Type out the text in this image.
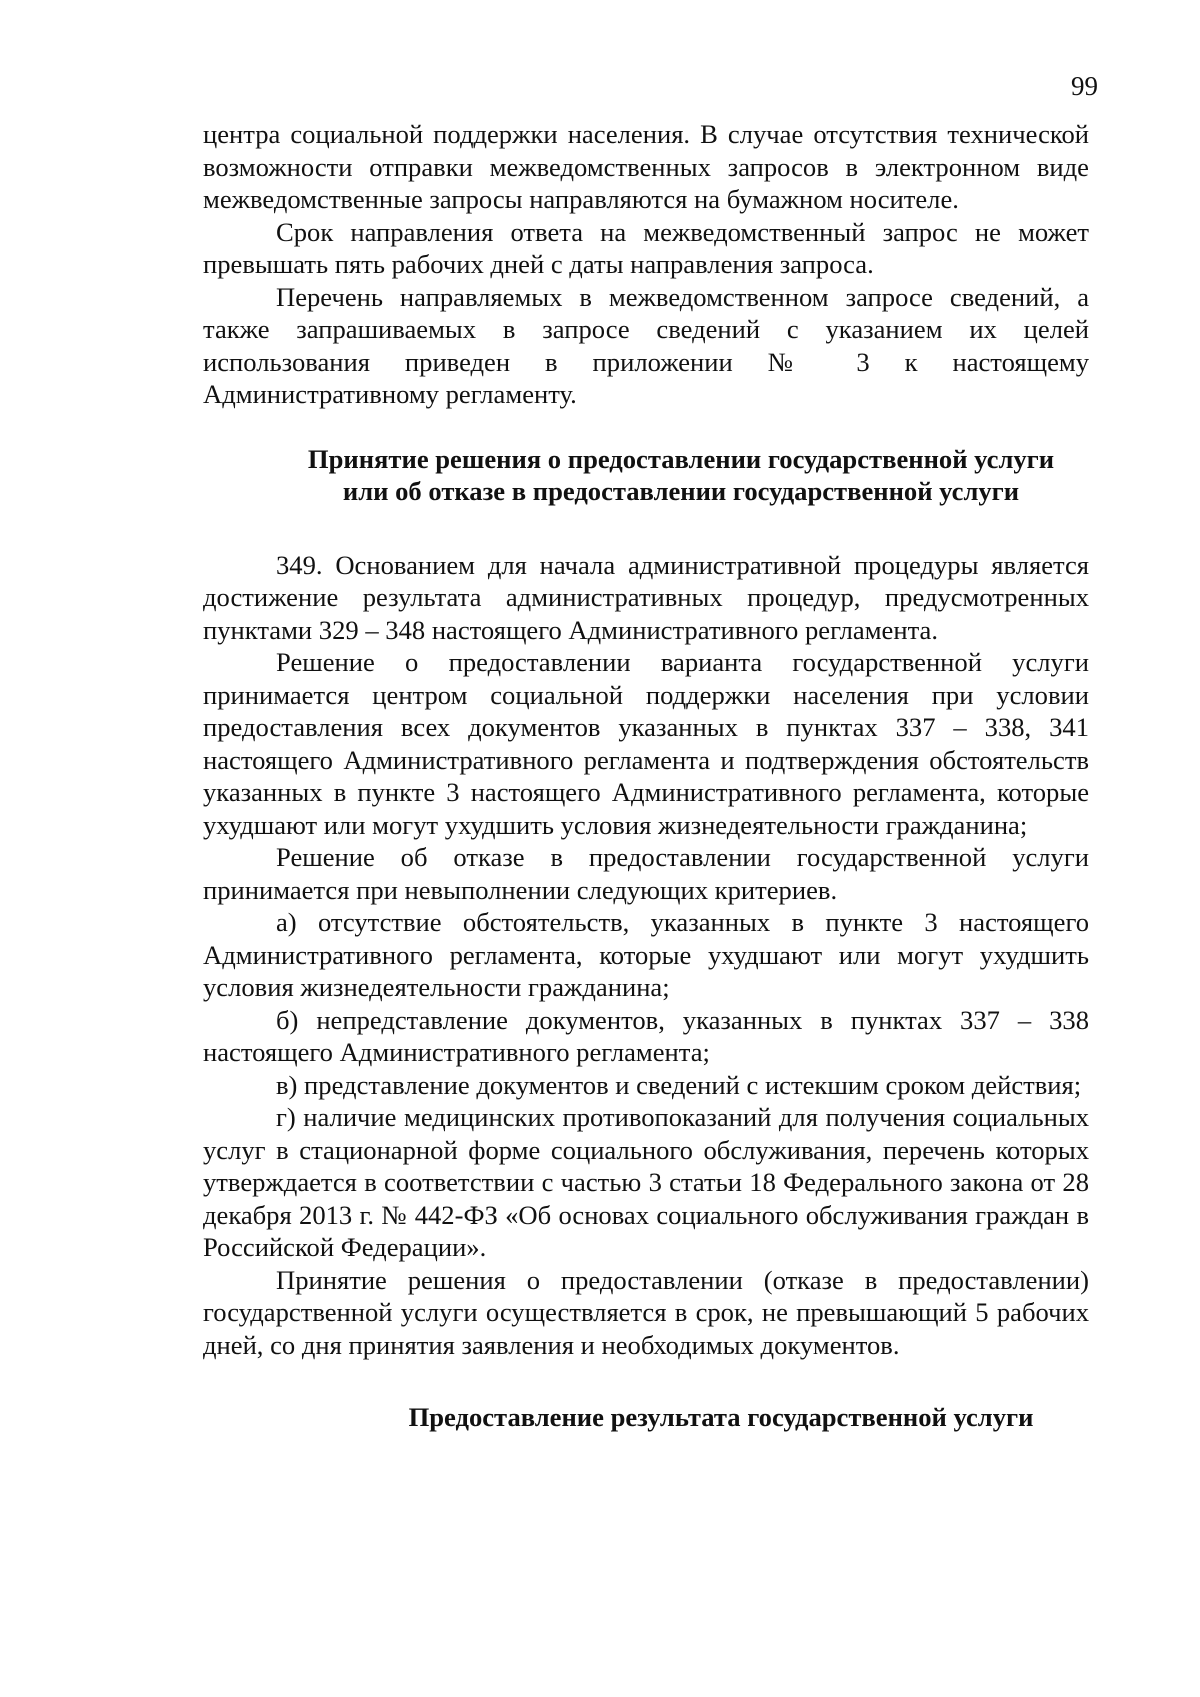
99

центра социальной поддержки населения. В случае отсутствия технической возможности отправки межведомственных запросов в электронном виде межведомственные запросы направляются на бумажном носителе.

Срок направления ответа на межведомственный запрос не может превышать пять рабочих дней с даты направления запроса.

Перечень направляемых в межведомственном запросе сведений, а также запрашиваемых в запросе сведений с указанием их целей использования приведен в приложении № 3 к настоящему Административному регламенту.

Принятие решения о предоставлении государственной услуги
или об отказе в предоставлении государственной услуги

349. Основанием для начала административной процедуры является достижение результата административных процедур, предусмотренных пунктами 329 – 348 настоящего Административного регламента.

Решение о предоставлении варианта государственной услуги принимается центром социальной поддержки населения при условии предоставления всех документов указанных в пунктах 337 – 338, 341 настоящего Административного регламента и подтверждения обстоятельств указанных в пункте 3 настоящего Административного регламента, которые ухудшают или могут ухудшить условия жизнедеятельности гражданина;

Решение об отказе в предоставлении государственной услуги принимается при невыполнении следующих критериев.

а) отсутствие обстоятельств, указанных в пункте 3 настоящего Административного регламента, которые ухудшают или могут ухудшить условия жизнедеятельности гражданина;

б) непредставление документов, указанных в пунктах 337 – 338 настоящего Административного регламента;

в) представление документов и сведений с истекшим сроком действия;

г) наличие медицинских противопоказаний для получения социальных услуг в стационарной форме социального обслуживания, перечень которых утверждается в соответствии с частью 3 статьи 18 Федерального закона от 28 декабря 2013 г. № 442-ФЗ «Об основах социального обслуживания граждан в Российской Федерации».

Принятие решения о предоставлении (отказе в предоставлении) государственной услуги осуществляется в срок, не превышающий 5 рабочих дней, со дня принятия заявления и необходимых документов.

Предоставление результата государственной услуги
